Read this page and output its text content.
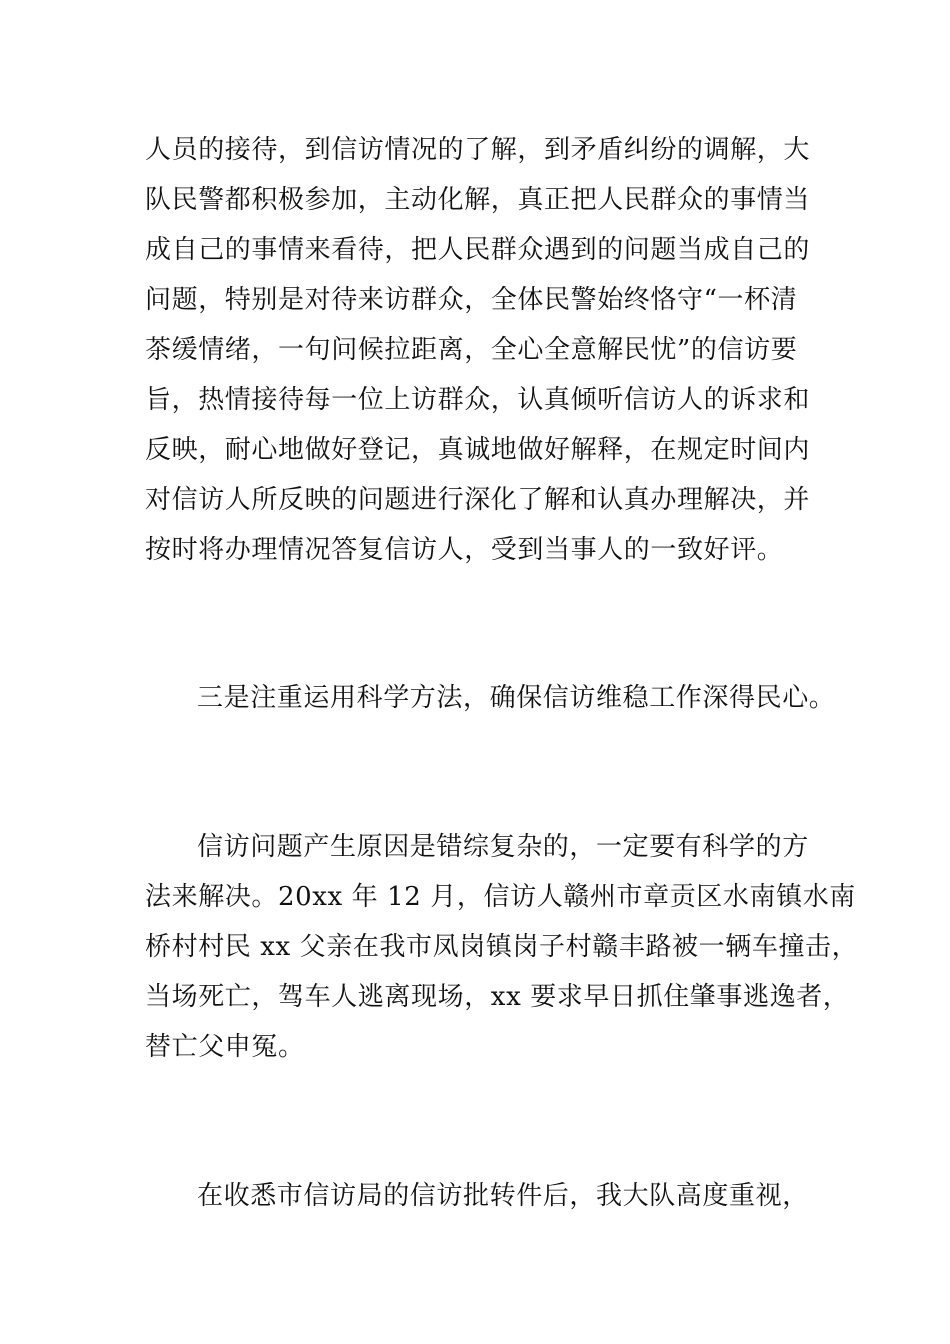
人员的接待，到信访情况的了解，到矛盾纠纷的调解，大
队民警都积极参加，主动化解，真正把人民群众的事情当
成自己的事情来看待，把人民群众遇到的问题当成自己的
问题，特别是对待来访群众，全体民警始终恪守“一杯清
茶缓情绪，一句问候拉距离，全心全意解民忧”的信访要
旨，热情接待每一位上访群众，认真倾听信访人的诉求和
反映，耐心地做好登记，真诚地做好解释，在规定时间内
对信访人所反映的问题进行深化了解和认真办理解决，并
按时将办理情况答复信访人，受到当事人的一致好评。
三是注重运用科学方法，确保信访维稳工作深得民心。
信访问题产生原因是错综复杂的，一定要有科学的方
法来解决。20xx 年 12 月，信访人赣州市章贡区水南镇水南
桥村村民 xx 父亲在我市凤岗镇岗子村赣丰路被一辆车撞击，
当场死亡，驾车人逃离现场，xx 要求早日抓住肇事逃逸者，
替亡父申冤。
在收悉市信访局的信访批转件后，我大队高度重视，
